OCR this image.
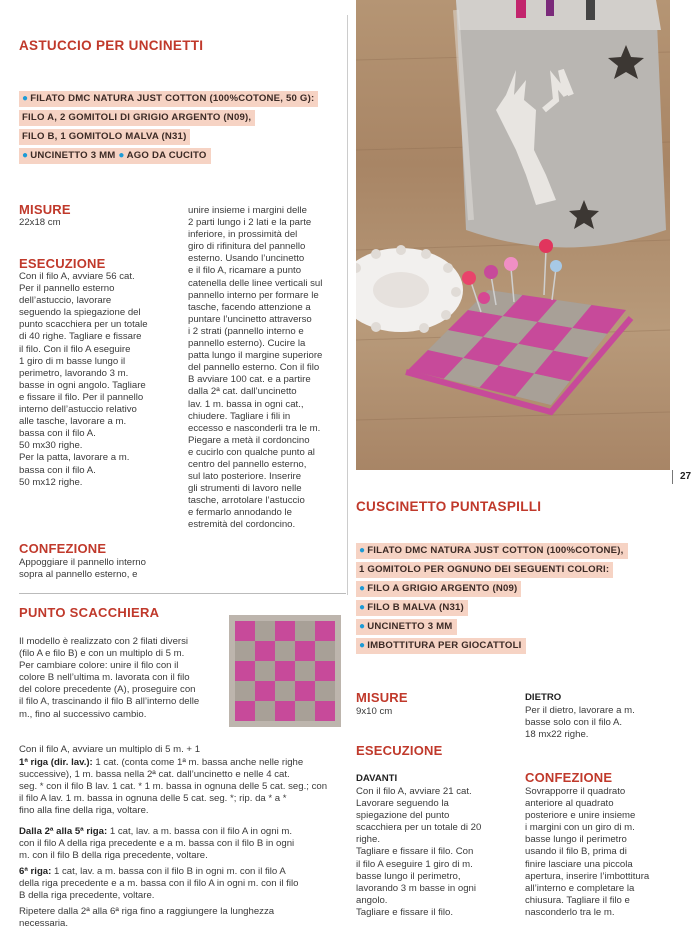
ASTUCCIO PER UNCINETTI
● FILATO DMC NATURA JUST COTTON (100%COTONE, 50 G):
FILO A, 2 GOMITOLI DI GRIGIO ARGENTO (N09),
FILO B, 1 GOMITOLO MALVA (N31)
● UNCINETTO 3 MM ● AGO DA CUCITO
MISURE
22x18 cm
ESECUZIONE
Con il filo A, avviare 56 cat.
Per il pannello esterno
dell’astuccio, lavorare
seguendo la spiegazione del
punto scacchiera per un totale
di 40 righe. Tagliare e fissare
il filo. Con il filo A eseguire
1 giro di m basse lungo il
perimetro, lavorando 3 m.
basse in ogni angolo. Tagliare
e fissare il filo. Per il pannello
interno dell’astuccio relativo
alle tasche, lavorare a m.
bassa con il filo A.
50 mx30 righe.
Per la patta, lavorare a m.
bassa con il filo A.
50 mx12 righe.
CONFEZIONE
Appoggiare il pannello interno
sopra al pannello esterno, e
unire insieme i margini delle
2 parti lungo i 2 lati e la parte
inferiore, in prossimità del
giro di rifinitura del pannello
esterno. Usando l’uncinetto
e il filo A, ricamare a punto
catenella delle linee verticali sul
pannello interno per formare le
tasche, facendo attenzione a
puntare l’uncinetto attraverso
i 2 strati (pannello interno e
pannello esterno). Cucire la
patta lungo il margine superiore
del pannello esterno. Con il filo
B avviare 100 cat. e a partire
dalla 2ª cat. dall’uncinetto
lav. 1 m. bassa in ogni cat.,
chiudere. Tagliare i fili in
eccesso e nasconderli tra le m.
Piegare a metà il cordoncino
e cucirlo con qualche punto al
centro del pannello esterno,
sul lato posteriore. Inserire
gli strumenti di lavoro nelle
tasche, arrotolare l’astuccio
e fermarlo annodando le
estremità del cordoncino.
PUNTO SCACCHIERA
Il modello è realizzato con 2 filati diversi
(filo A e filo B) e con un multiplo di 5 m.
Per cambiare colore: unire il filo con il
colore B nell’ultima m. lavorata con il filo
del colore precedente (A), proseguire con
il filo A, trascinando il filo B all’interno delle
m., fino al successivo cambio.
Con il filo A, avviare un multiplo di 5 m. + 1
1ª riga (dir. lav.): 1 cat. (conta come 1ª m. bassa anche nelle righe
successive), 1 m. bassa nella 2ª cat. dall’uncinetto e nelle 4 cat.
seg. * con il filo B lav. 1 cat. * 1 m. bassa in ognuna delle 5 cat. seg.; con
il filo A lav. 1 m. bassa in ognuna delle 5 cat. seg. *; rip. da * a *
fino alla fine della riga, voltare.
Dalla 2ª alla 5ª riga: 1 cat, lav. a m. bassa con il filo A in ogni m.
con il filo A della riga precedente e a m. bassa con il filo B in ogni
m. con il filo B della riga precedente, voltare.
6ª riga: 1 cat, lav. a m. bassa con il filo B in ogni m. con il filo A
della riga precedente e a m. bassa con il filo A in ogni m. con il filo
B della riga precedente, voltare.
Ripetere dalla 2ª alla 6ª riga fino a raggiungere la lunghezza
necessaria.
27
CUSCINETTO PUNTASPILLI
● FILATO DMC NATURA JUST COTTON (100%COTONE),
1 GOMITOLO PER OGNUNO DEI SEGUENTI COLORI:
● FILO A GRIGIO ARGENTO (N09)
● FILO B MALVA (N31)
● UNCINETTO 3 MM
● IMBOTTITURA PER GIOCATTOLI
MISURE
9x10 cm
ESECUZIONE
DAVANTI
Con il filo A, avviare 21 cat.
Lavorare seguendo la
spiegazione del punto
scacchiera per un totale di 20
righe.
Tagliare e fissare il filo. Con
il filo A eseguire 1 giro di m.
basse lungo il perimetro,
lavorando 3 m basse in ogni
angolo.
Tagliare e fissare il filo.
DIETRO
Per il dietro, lavorare a m.
basse solo con il filo A.
18 mx22 righe.
CONFEZIONE
Sovrapporre il quadrato
anteriore al quadrato
posteriore e unire insieme
i margini con un giro di m.
basse lungo il perimetro
usando il filo B, prima di
finire lasciare una piccola
apertura, inserire l’imbottitura
all’interno e completare la
chiusura. Tagliare il filo e
nasconderlo tra le m.
